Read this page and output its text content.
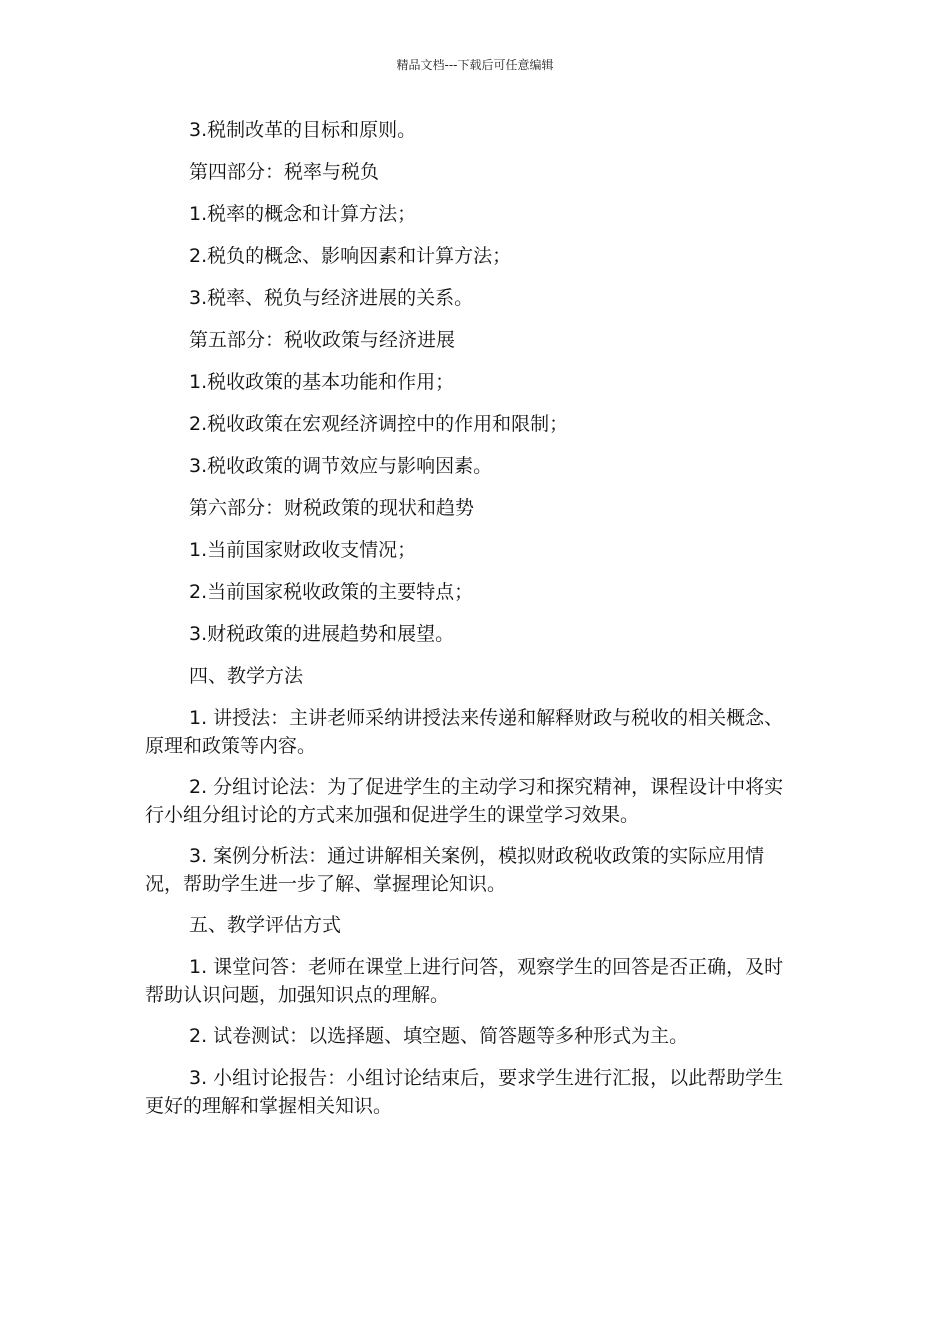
精品文档---下载后可任意编辑

3.税制改革的目标和原则。

第四部分：税率与税负

1.税率的概念和计算方法；

2.税负的概念、影响因素和计算方法；

3.税率、税负与经济进展的关系。

第五部分：税收政策与经济进展

1.税收政策的基本功能和作用；

2.税收政策在宏观经济调控中的作用和限制；

3.税收政策的调节效应与影响因素。

第六部分：财税政策的现状和趋势

1.当前国家财政收支情况；

2.当前国家税收政策的主要特点；

3.财税政策的进展趋势和展望。

四、教学方法

1. 讲授法：主讲老师采纳讲授法来传递和解释财政与税收的相关概念、原理和政策等内容。

2. 分组讨论法：为了促进学生的主动学习和探究精神，课程设计中将实行小组分组讨论的方式来加强和促进学生的课堂学习效果。

3. 案例分析法：通过讲解相关案例，模拟财政税收政策的实际应用情况，帮助学生进一步了解、掌握理论知识。

五、教学评估方式

1. 课堂问答：老师在课堂上进行问答，观察学生的回答是否正确，及时帮助认识问题，加强知识点的理解。

2. 试卷测试：以选择题、填空题、简答题等多种形式为主。

3. 小组讨论报告：小组讨论结束后，要求学生进行汇报，以此帮助学生更好的理解和掌握相关知识。
